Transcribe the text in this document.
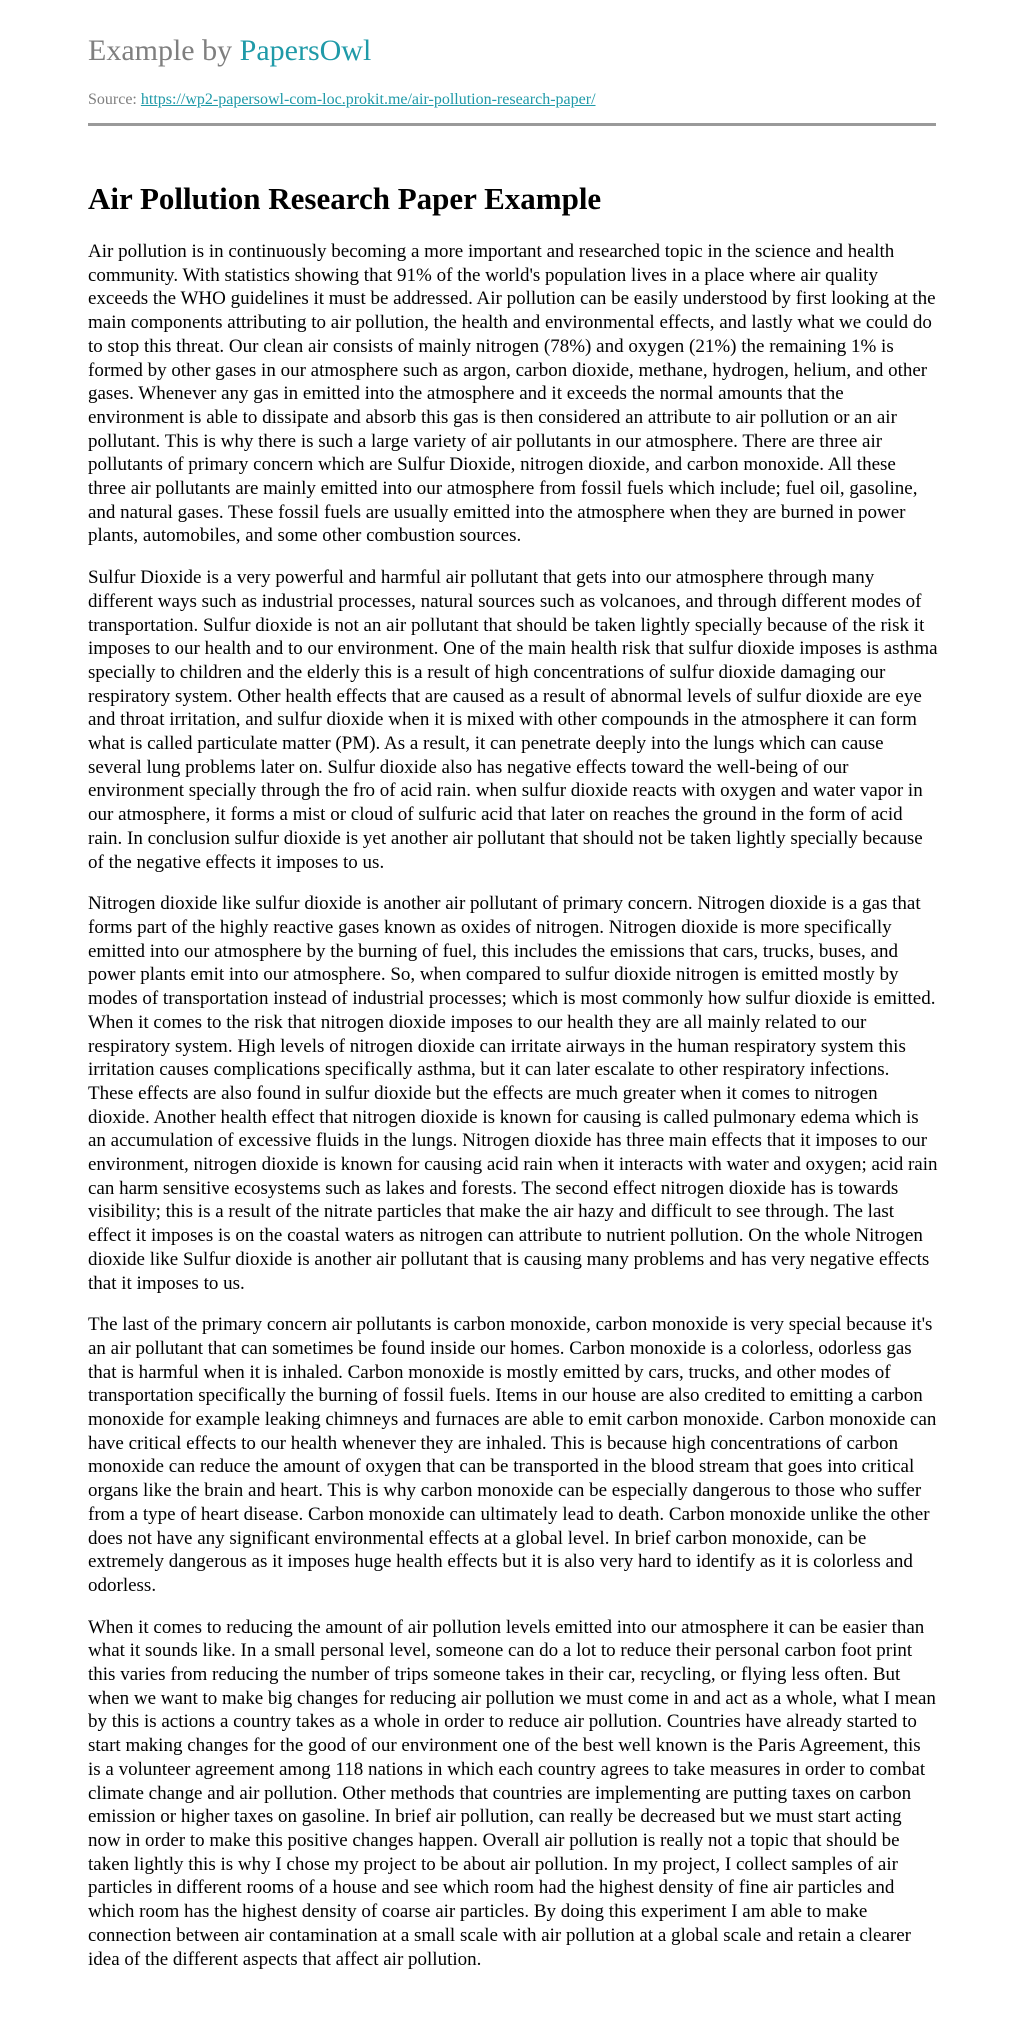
Example by PapersOwl
Source: https://wp2-papersowl-com-loc.prokit.me/air-pollution-research-paper/
Air Pollution Research Paper Example

Air pollution is in continuously becoming a more important and researched topic in the science and health community. With statistics showing that 91% of the world's population lives in a place where air quality exceeds the WHO guidelines it must be addressed. Air pollution can be easily understood by first looking at the main components attributing to air pollution, the health and environmental effects, and lastly what we could do to stop this threat. Our clean air consists of mainly nitrogen (78%) and oxygen (21%) the remaining 1% is formed by other gases in our atmosphere such as argon, carbon dioxide, methane, hydrogen, helium, and other gases. Whenever any gas in emitted into the atmosphere and it exceeds the normal amounts that the environment is able to dissipate and absorb this gas is then considered an attribute to air pollution or an air pollutant. This is why there is such a large variety of air pollutants in our atmosphere. There are three air pollutants of primary concern which are Sulfur Dioxide, nitrogen dioxide, and carbon monoxide. All these three air pollutants are mainly emitted into our atmosphere from fossil fuels which include; fuel oil, gasoline, and natural gases. These fossil fuels are usually emitted into the atmosphere when they are burned in power plants, automobiles, and some other combustion sources.

Sulfur Dioxide is a very powerful and harmful air pollutant that gets into our atmosphere through many different ways such as industrial processes, natural sources such as volcanoes, and through different modes of transportation. Sulfur dioxide is not an air pollutant that should be taken lightly specially because of the risk it imposes to our health and to our environment. One of the main health risk that sulfur dioxide imposes is asthma specially to children and the elderly this is a result of high concentrations of sulfur dioxide damaging our respiratory system. Other health effects that are caused as a result of abnormal levels of sulfur dioxide are eye and throat irritation, and sulfur dioxide when it is mixed with other compounds in the atmosphere it can form what is called particulate matter (PM). As a result, it can penetrate deeply into the lungs which can cause several lung problems later on. Sulfur dioxide also has negative effects toward the well-being of our environment specially through the fro of acid rain. when sulfur dioxide reacts with oxygen and water vapor in our atmosphere, it forms a mist or cloud of sulfuric acid that later on reaches the ground in the form of acid rain. In conclusion sulfur dioxide is yet another air pollutant that should not be taken lightly specially because of the negative effects it imposes to us.

Nitrogen dioxide like sulfur dioxide is another air pollutant of primary concern. Nitrogen dioxide is a gas that forms part of the highly reactive gases known as oxides of nitrogen. Nitrogen dioxide is more specifically emitted into our atmosphere by the burning of fuel, this includes the emissions that cars, trucks, buses, and power plants emit into our atmosphere. So, when compared to sulfur dioxide nitrogen is emitted mostly by modes of transportation instead of industrial processes; which is most commonly how sulfur dioxide is emitted. When it comes to the risk that nitrogen dioxide imposes to our health they are all mainly related to our respiratory system. High levels of nitrogen dioxide can irritate airways in the human respiratory system this irritation causes complications specifically asthma, but it can later escalate to other respiratory infections. These effects are also found in sulfur dioxide but the effects are much greater when it comes to nitrogen dioxide. Another health effect that nitrogen dioxide is known for causing is called pulmonary edema which is an accumulation of excessive fluids in the lungs. Nitrogen dioxide has three main effects that it imposes to our environment, nitrogen dioxide is known for causing acid rain when it interacts with water and oxygen; acid rain can harm sensitive ecosystems such as lakes and forests. The second effect nitrogen dioxide has is towards visibility; this is a result of the nitrate particles that make the air hazy and difficult to see through. The last effect it imposes is on the coastal waters as nitrogen can attribute to nutrient pollution. On the whole Nitrogen dioxide like Sulfur dioxide is another air pollutant that is causing many problems and has very negative effects that it imposes to us.

The last of the primary concern air pollutants is carbon monoxide, carbon monoxide is very special because it's an air pollutant that can sometimes be found inside our homes. Carbon monoxide is a colorless, odorless gas that is harmful when it is inhaled. Carbon monoxide is mostly emitted by cars, trucks, and other modes of transportation specifically the burning of fossil fuels. Items in our house are also credited to emitting a carbon monoxide for example leaking chimneys and furnaces are able to emit carbon monoxide. Carbon monoxide can have critical effects to our health whenever they are inhaled. This is because high concentrations of carbon monoxide can reduce the amount of oxygen that can be transported in the blood stream that goes into critical organs like the brain and heart. This is why carbon monoxide can be especially dangerous to those who suffer from a type of heart disease. Carbon monoxide can ultimately lead to death. Carbon monoxide unlike the other does not have any significant environmental effects at a global level. In brief carbon monoxide, can be extremely dangerous as it imposes huge health effects but it is also very hard to identify as it is colorless and odorless.

When it comes to reducing the amount of air pollution levels emitted into our atmosphere it can be easier than what it sounds like. In a small personal level, someone can do a lot to reduce their personal carbon foot print this varies from reducing the number of trips someone takes in their car, recycling, or flying less often. But when we want to make big changes for reducing air pollution we must come in and act as a whole, what I mean by this is actions a country takes as a whole in order to reduce air pollution. Countries have already started to start making changes for the good of our environment one of the best well known is the Paris Agreement, this is a volunteer agreement among 118 nations in which each country agrees to take measures in order to combat climate change and air pollution. Other methods that countries are implementing are putting taxes on carbon emission or higher taxes on gasoline. In brief air pollution, can really be decreased but we must start acting now in order to make this positive changes happen. Overall air pollution is really not a topic that should be taken lightly this is why I chose my project to be about air pollution. In my project, I collect samples of air particles in different rooms of a house and see which room had the highest density of fine air particles and which room has the highest density of coarse air particles. By doing this experiment I am able to make connection between air contamination at a small scale with air pollution at a global scale and retain a clearer idea of the different aspects that affect air pollution.
